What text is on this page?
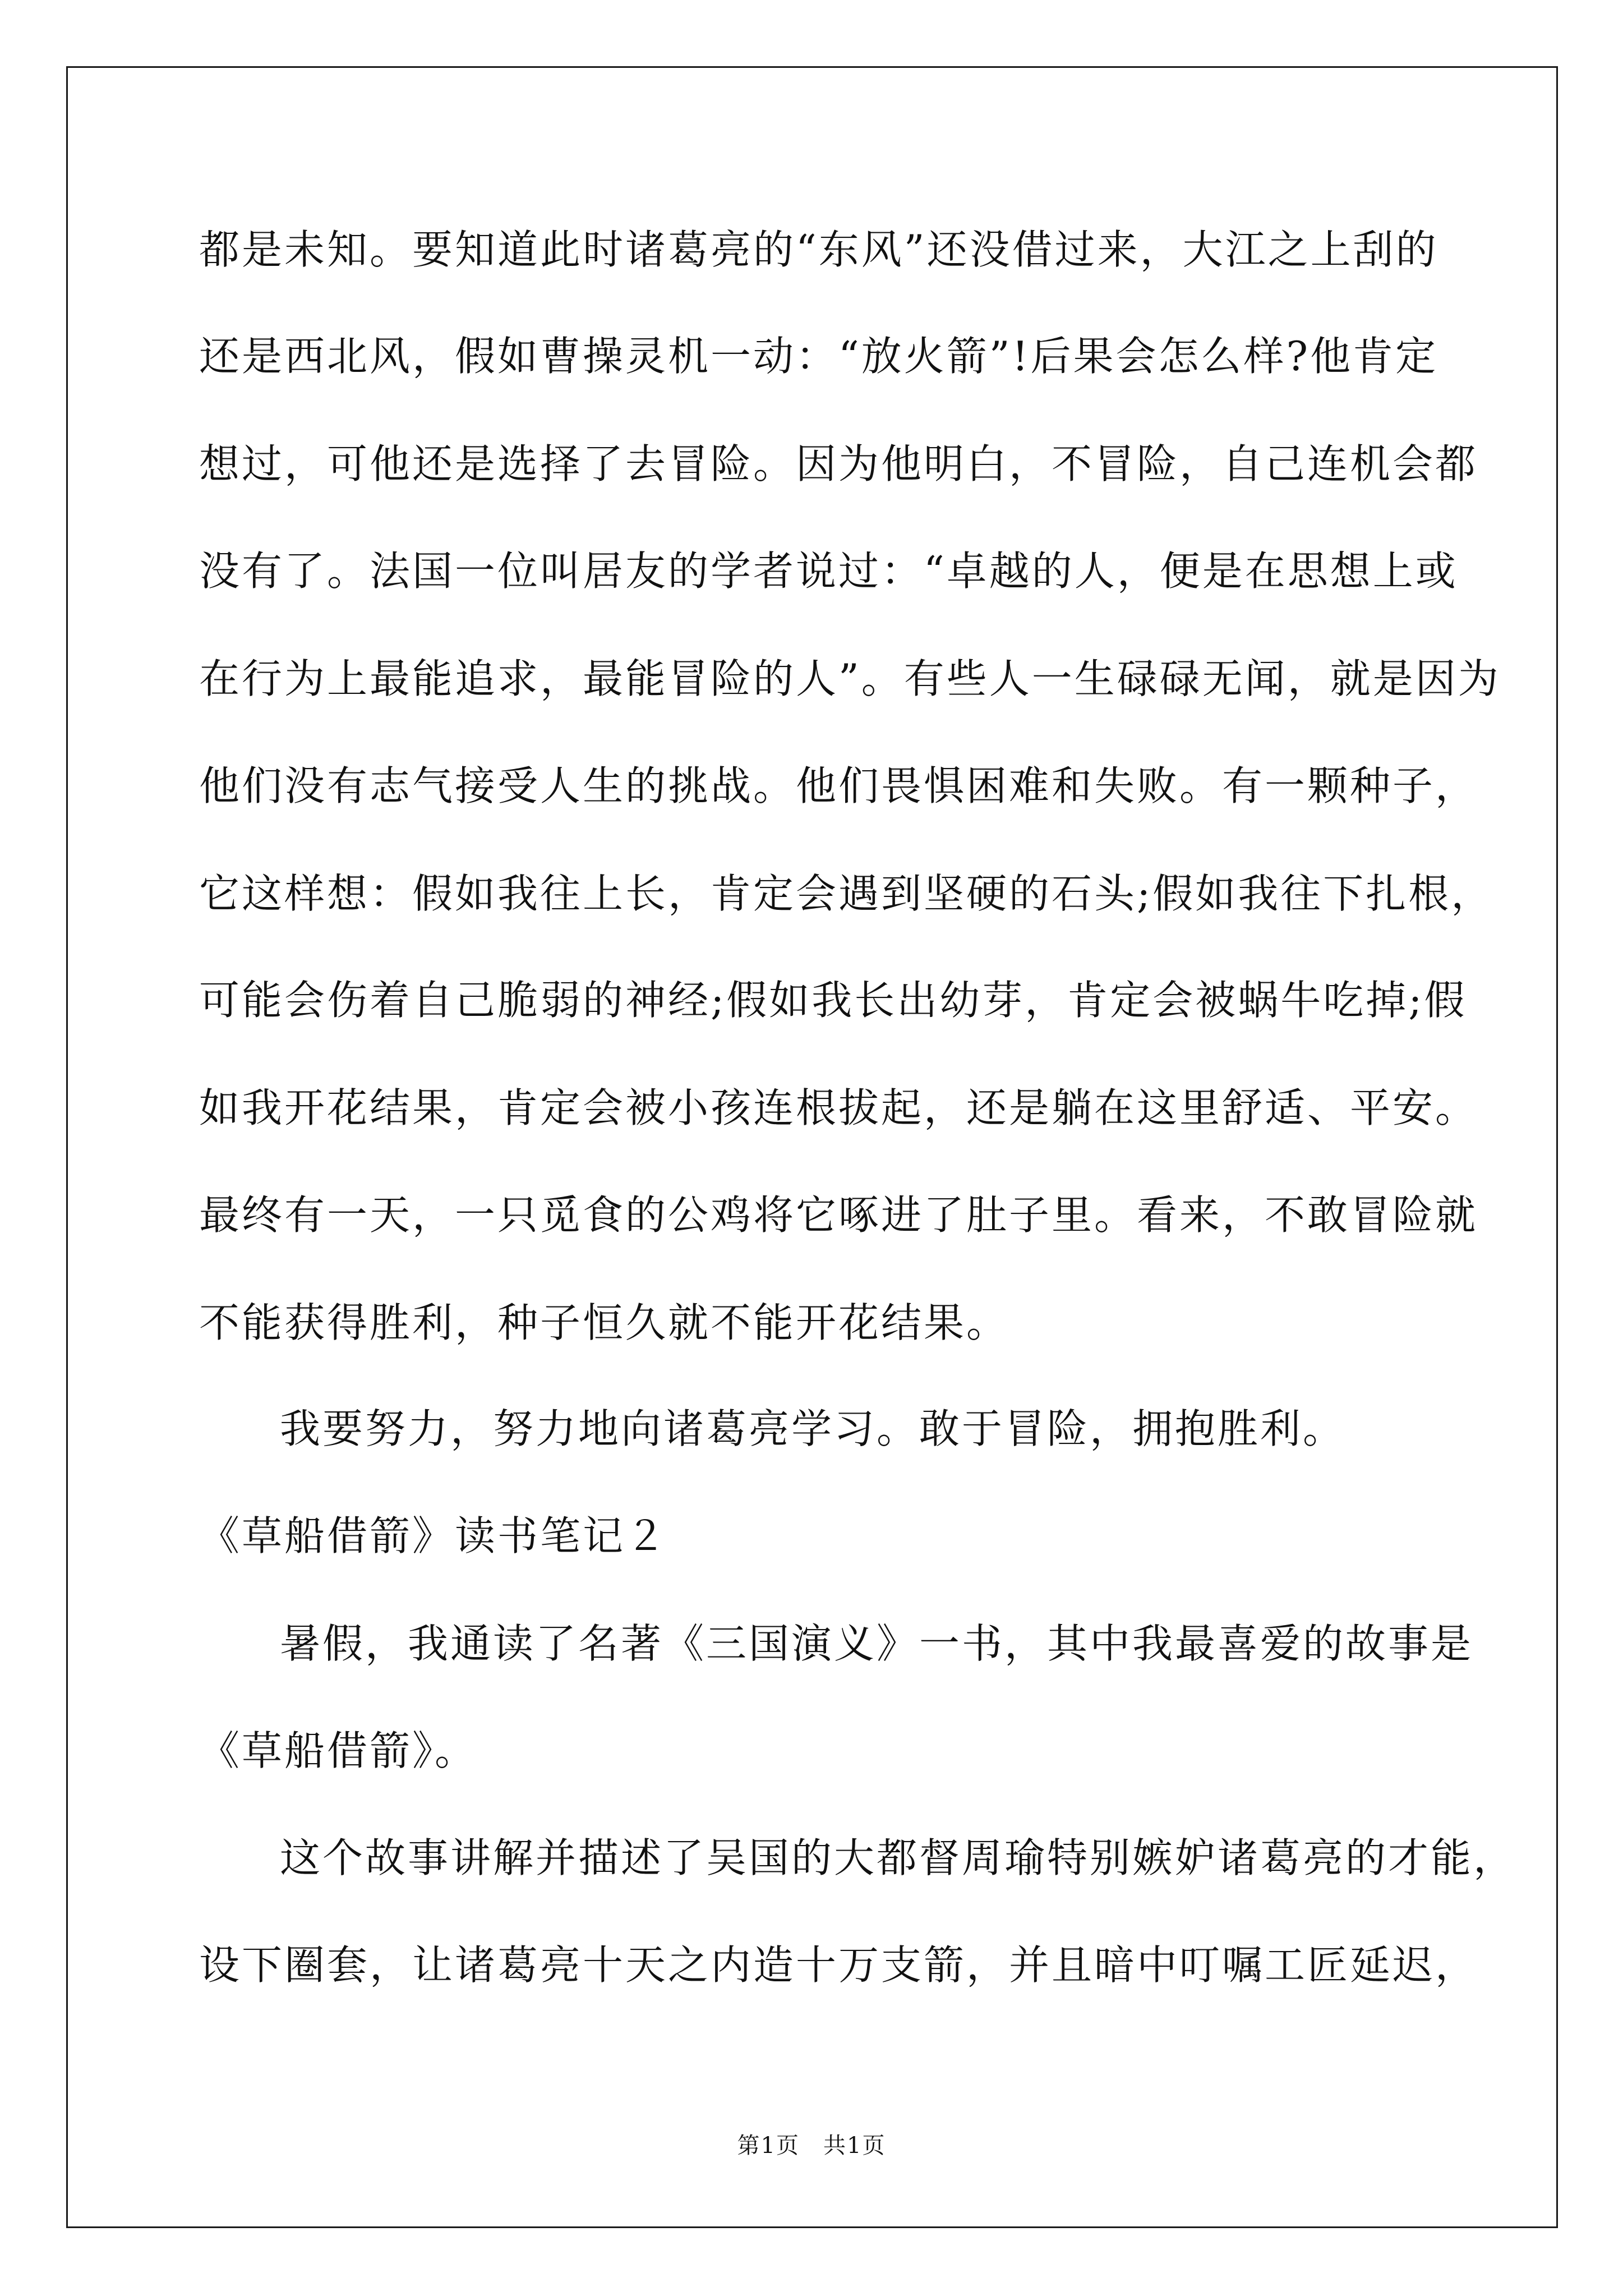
都是未知。要知道此时诸葛亮的“东风”还没借过来，大江之上刮的
还是西北风，假如曹操灵机一动：“放火箭”!后果会怎么样?他肯定
想过，可他还是选择了去冒险。因为他明白，不冒险，自己连机会都
没有了。法国一位叫居友的学者说过：“卓越的人，便是在思想上或
在行为上最能追求，最能冒险的人”。有些人一生碌碌无闻，就是因为
他们没有志气接受人生的挑战。他们畏惧困难和失败。有一颗种子，
它这样想：假如我往上长，肯定会遇到坚硬的石头;假如我往下扎根，
可能会伤着自己脆弱的神经;假如我长出幼芽，肯定会被蜗牛吃掉;假
如我开花结果，肯定会被小孩连根拔起，还是躺在这里舒适、平安。
最终有一天，一只觅食的公鸡将它啄进了肚子里。看来，不敢冒险就
不能获得胜利，种子恒久就不能开花结果。
我要努力，努力地向诸葛亮学习。敢于冒险，拥抱胜利。
《草船借箭》读书笔记２
暑假，我通读了名著《三国演义》一书，其中我最喜爱的故事是
《草船借箭》。
这个故事讲解并描述了吴国的大都督周瑜特别嫉妒诸葛亮的才能，
设下圈套，让诸葛亮十天之内造十万支箭，并且暗中叮嘱工匠延迟，
第1页　共1页
